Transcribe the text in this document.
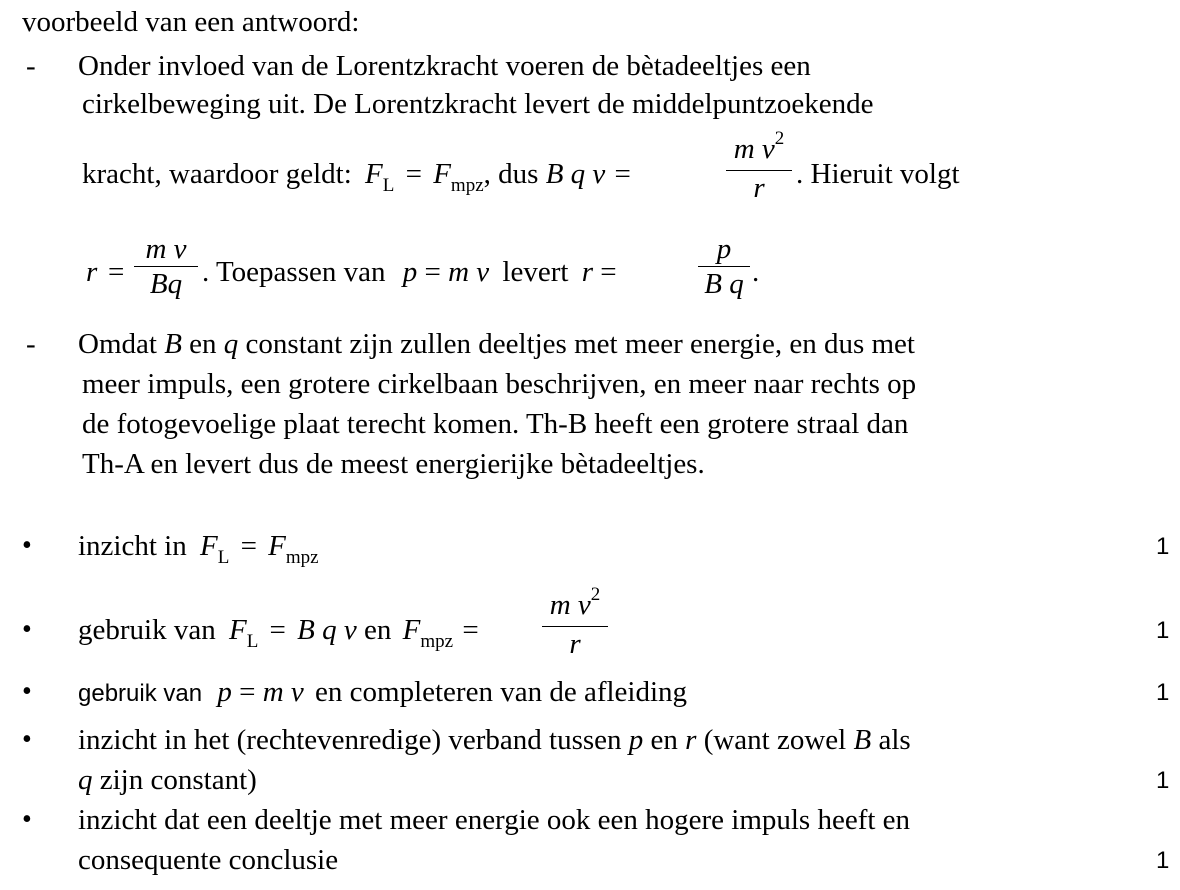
voorbeeld van een antwoord:
- Onder invloed van de Lorentzkracht voeren de bètadeeltjes een
cirkelbeweging uit. De Lorentzkracht levert de middelpuntzoekende
kracht, waardoor geldt: $F_L = F_{mpz}$, dus B q v =
m $v^2$
r	. Hieruit volgt
r =
m v
Bq . Toepassen van p = m v levert r =
p
B q .
- Omdat B en q constant zijn zullen deeltjes met meer energie, en dus met
meer impuls, een grotere cirkelbaan beschrijven, en meer naar rechts op
de fotogevoelige plaat terecht komen. Th-B heeft een grotere straal dan
Th-A en levert dus de meest energierijke bètadeeltjes.
• inzicht in $F_L = F_{mpz}$	1
• gebruik van $F_L = B$ q v en $F_{mpz}$ =
m $v^2$
r	1
• gebruik van p = m v en completeren van de afleiding	1
• inzicht in het (rechtevenredige) verband tussen p en r (want zowel B als
q zijn constant)	1
• inzicht dat een deeltje met meer energie ook een hogere impuls heeft en
consequente conclusie	1
